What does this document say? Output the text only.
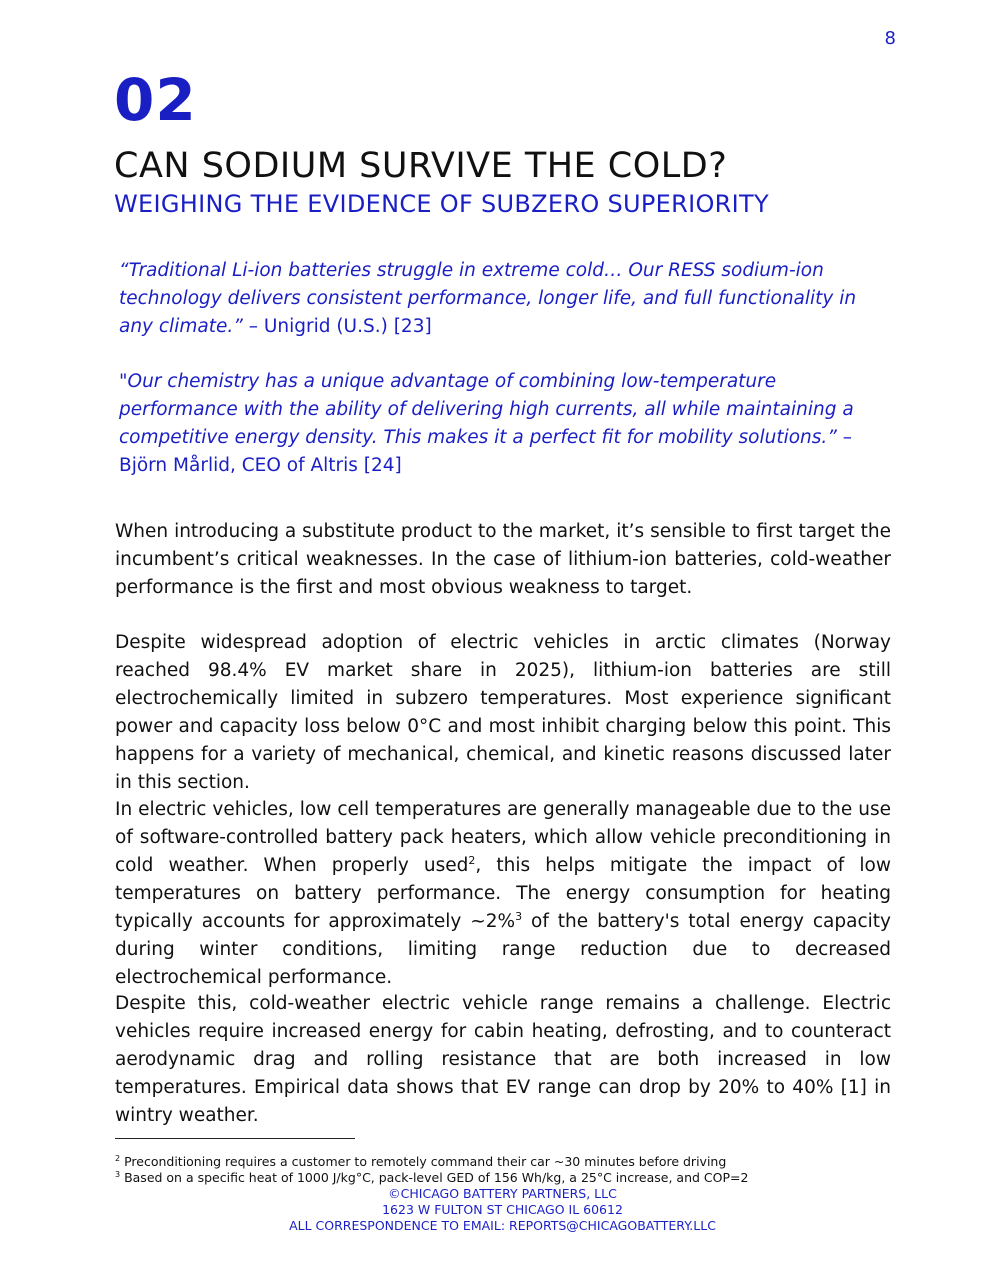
8
02
CAN SODIUM SURVIVE THE COLD?
WEIGHING THE EVIDENCE OF SUBZERO SUPERIORITY
“Traditional Li-ion batteries struggle in extreme cold… Our RESS sodium-ion technology delivers consistent performance, longer life, and full functionality in any climate.” – Unigrid (U.S.) [23]
"Our chemistry has a unique advantage of combining low-temperature performance with the ability of delivering high currents, all while maintaining a competitive energy density. This makes it a perfect fit for mobility solutions.” – Björn Mårlid, CEO of Altris [24]

When introducing a substitute product to the market, it’s sensible to first target the incumbent’s critical weaknesses. In the case of lithium-ion batteries, cold-weather performance is the first and most obvious weakness to target.

Despite widespread adoption of electric vehicles in arctic climates (Norway reached 98.4% EV market share in 2025), lithium-ion batteries are still electrochemically limited in subzero temperatures. Most experience significant power and capacity loss below 0°C and most inhibit charging below this point. This happens for a variety of mechanical, chemical, and kinetic reasons discussed later in this section.

In electric vehicles, low cell temperatures are generally manageable due to the use of software-controlled battery pack heaters, which allow vehicle preconditioning in cold weather. When properly used$^2$, this helps mitigate the impact of low temperatures on battery performance. The energy consumption for heating typically accounts for approximately ~2%$^3$ of the battery's total energy capacity during winter conditions, limiting range reduction due to decreased electrochemical performance.

Despite this, cold-weather electric vehicle range remains a challenge. Electric vehicles require increased energy for cabin heating, defrosting, and to counteract aerodynamic drag and rolling resistance that are both increased in low temperatures. Empirical data shows that EV range can drop by 20% to 40% [1] in wintry weather.

$^2$ Preconditioning requires a customer to remotely command their car ~30 minutes before driving
$^3$ Based on a specific heat of 1000 J/kg°C, pack-level GED of 156 Wh/kg, a 25°C increase, and COP=2
©CHICAGO BATTERY PARTNERS, LLC
1623 W FULTON ST CHICAGO IL 60612
ALL CORRESPONDENCE TO EMAIL: REPORTS@CHICAGOBATTERY.LLC
